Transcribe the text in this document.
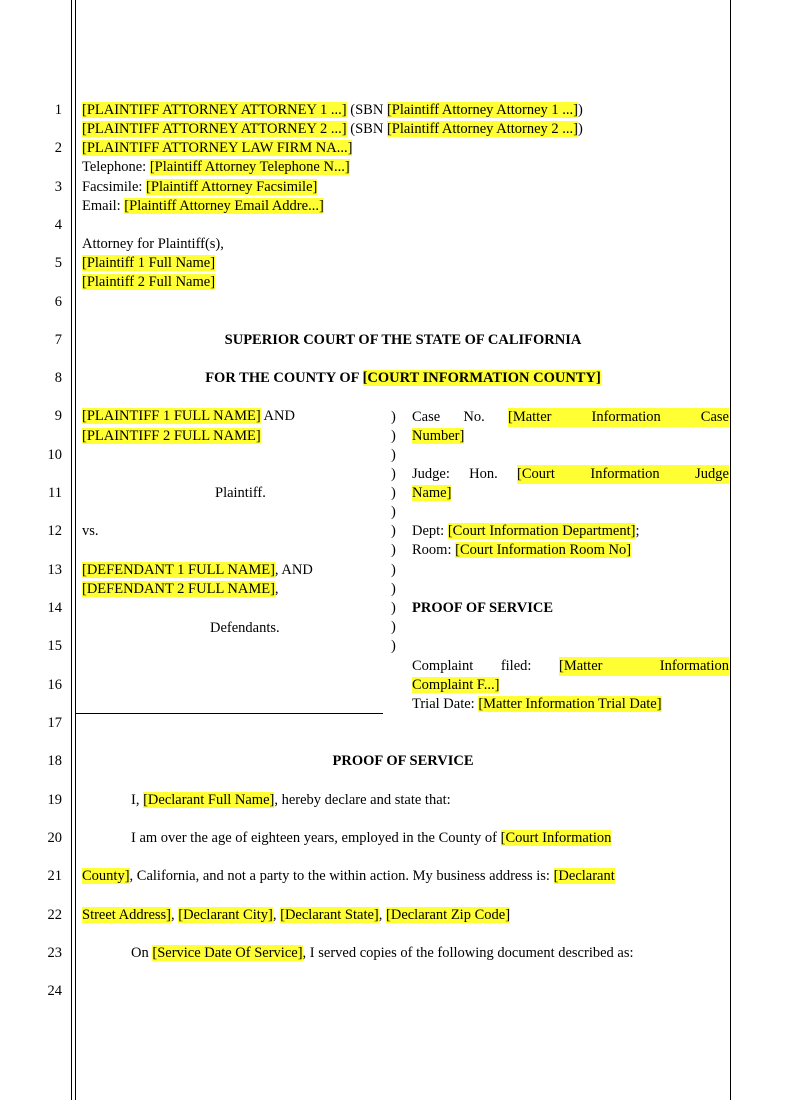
1
2
3
4
5
6
7
8
9
10
11
12
13
14
15
16
17
18
19
20
21
22
23
24
[PLAINTIFF ATTORNEY ATTORNEY 1 ...] (SBN [Plaintiff Attorney Attorney 1 ...])
[PLAINTIFF ATTORNEY ATTORNEY 2 ...] (SBN [Plaintiff Attorney Attorney 2 ...])
[PLAINTIFF ATTORNEY LAW FIRM NA...]
Telephone: [Plaintiff Attorney Telephone N...]
Facsimile: [Plaintiff Attorney Facsimile]
Email: [Plaintiff Attorney Email Addre...]
Attorney for Plaintiff(s),
[Plaintiff 1 Full Name]
[Plaintiff 2 Full Name]
SUPERIOR COURT OF THE STATE OF CALIFORNIA
FOR THE COUNTY OF [COURT INFORMATION COUNTY]
[PLAINTIFF 1 FULL NAME] AND
[PLAINTIFF 2 FULL NAME]
Plaintiff.
vs.
[DEFENDANT 1 FULL NAME], AND
[DEFENDANT 2 FULL NAME],
Defendants.
)
)
)
)
)
)
)
)
)
)
)
)
)
Case No. [Matter	Information	Case
Number]
Judge: Hon. [Court Information Judge
Name]
Dept: [Court Information Department];
Room: [Court Information Room No]
PROOF OF SERVICE
Complaint filed: [Matter	Information
Complaint F...]
Trial Date: [Matter Information Trial Date]
PROOF OF SERVICE
I, [Declarant Full Name], hereby declare and state that:
I am over the age of eighteen years, employed in the County of [Court Information
County], California, and not a party to the within action. My business address is: [Declarant
Street Address], [Declarant City], [Declarant State], [Declarant Zip Code]
On [Service Date Of Service], I served copies of the following document described as:
